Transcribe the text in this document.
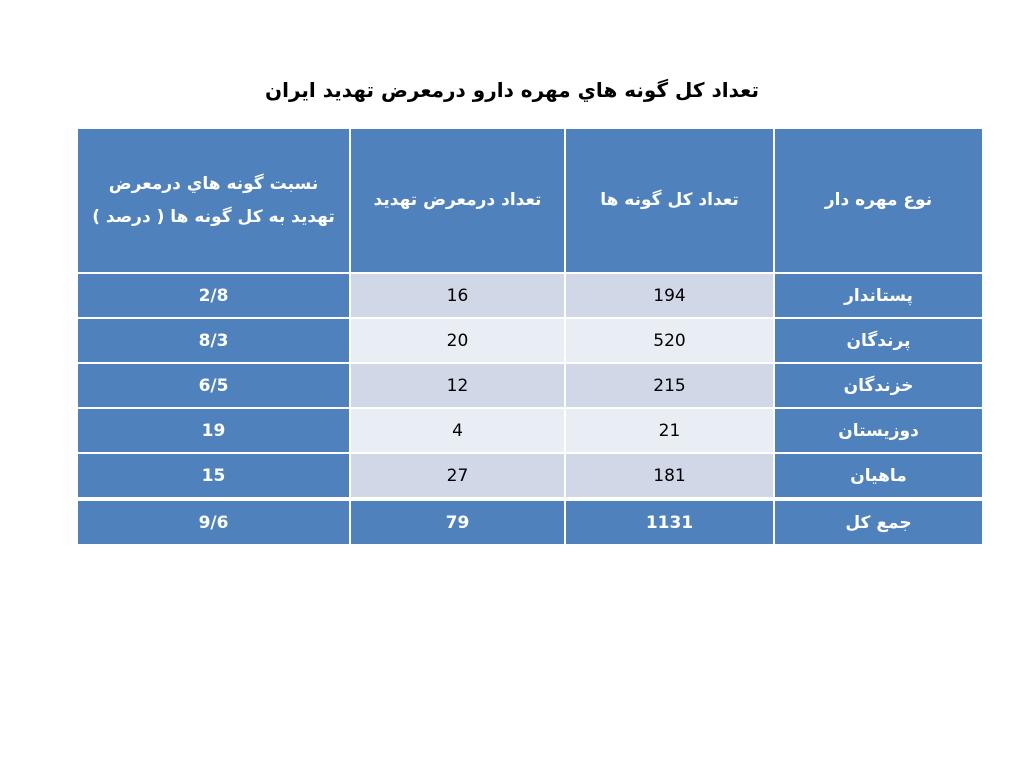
تعداد کل گونه هاي مهره دارو درمعرض تهديد ايران
نوع مهره دار	تعداد کل گونه ها	تعداد درمعرض تهديد	نسبت گونه هاي درمعرض تهديد به کل گونه ها ( درصد )
پستاندار	194	16	2/8
پرندگان	520	20	8/3
خزندگان	215	12	6/5
دوزيستان	21	4	19
ماهيان	181	27	15
جمع کل	1131	79	9/6
